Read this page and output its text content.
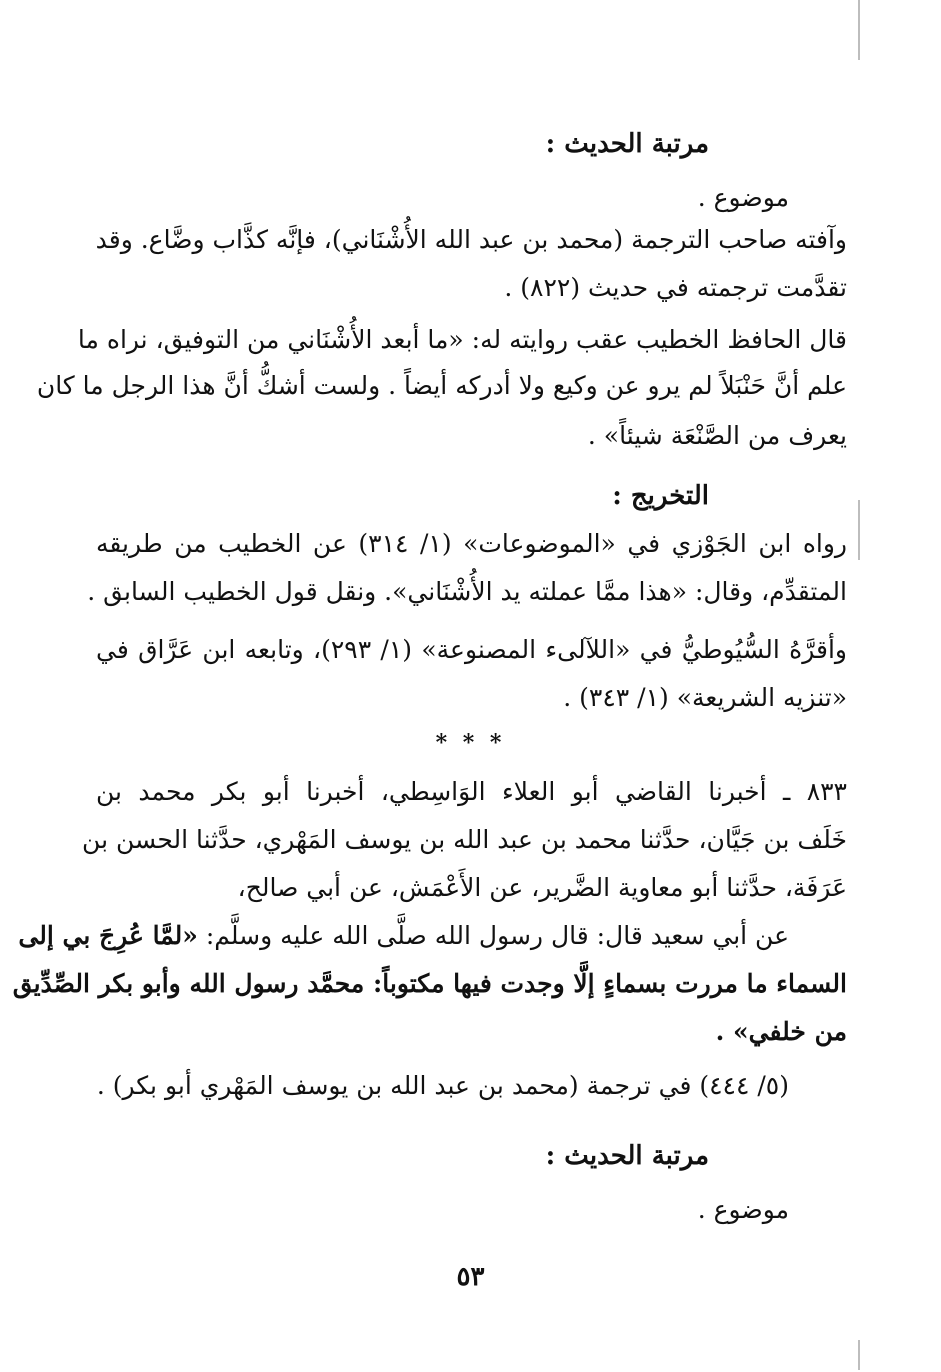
مرتبة الحديث :
موضوع .
وآفته صاحب الترجمة (محمد بن عبد الله الأُشْنَاني)، فإنَّه كذَّاب وضَّاع. وقد
تقدَّمت ترجمته في حديث (٨٢٢) .
قال الحافظ الخطيب عقب روايته له: «ما أبعد الأُشْنَاني من التوفيق، نراه ما
علم أنَّ حَنْبَلاً لم يرو عن وكيع ولا أدركه أيضاً . ولست أشكُّ أنَّ هذا الرجل ما كان
يعرف من الصَّنْعَة شيئاً» .
التخريج :
رواه ابن الجَوْزي في «الموضوعات» (١/ ٣١٤) عن الخطيب من طريقه
المتقدِّم، وقال: «هذا ممَّا عملته يد الأُشْنَاني». ونقل قول الخطيب السابق .
وأقرَّهُ السُّيُوطيُّ في «اللآلىء المصنوعة» (١/ ٢٩٣)، وتابعه ابن عَرَّاق في
«تنزيه الشريعة» (١/ ٣٤٣) .
* * *
٨٣٣ ـ أخبرنا القاضي أبو العلاء الوَاسِطي، أخبرنا أبو بكر محمد بن
خَلَف بن جَيَّان، حدَّثنا محمد بن عبد الله بن يوسف المَهْري، حدَّثنا الحسن بن
عَرَفَة، حدَّثنا أبو معاوية الضَّرير، عن الأَعْمَش، عن أبي صالح،
عن أبي سعيد قال: قال رسول الله صلَّى الله عليه وسلَّم: «لمَّا عُرِجَ بي إلى
السماء ما مررت بسماءٍ إلَّا وجدت فيها مكتوباً: محمَّد رسول الله وأبو بكر الصِّدِّيق
من خلفي» .
(٥/ ٤٤٤) في ترجمة (محمد بن عبد الله بن يوسف المَهْري أبو بكر) .
مرتبة الحديث :
موضوع .
٥٣
